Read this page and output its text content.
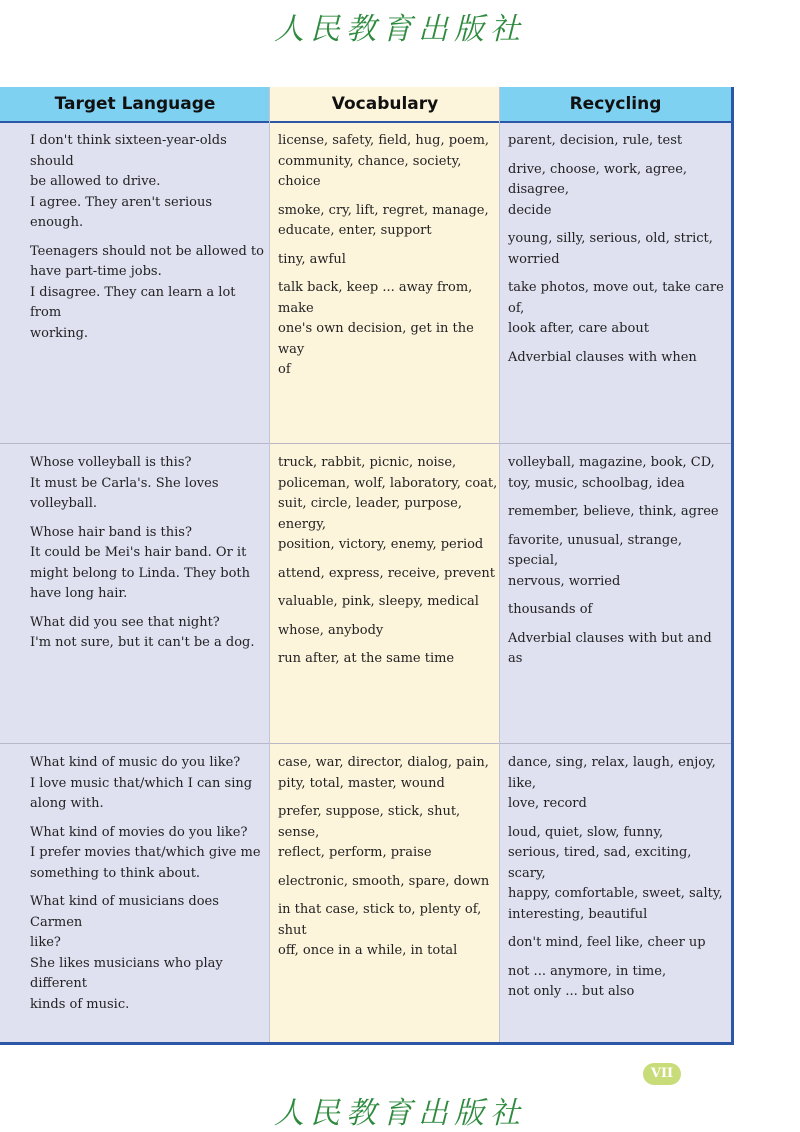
人民教育出版社
Target Language	Vocabulary	Recycling
I don't think sixteen-year-olds should
be allowed to drive.
I agree. They aren't serious enough.
Teenagers should not be allowed to
have part-time jobs.
I disagree. They can learn a lot from
working.
license, safety, field, hug, poem,
community, chance, society, choice
smoke, cry, lift, regret, manage,
educate, enter, support
tiny, awful
talk back, keep ... away from, make
one's own decision, get in the way
of
parent, decision, rule, test
drive, choose, work, agree, disagree,
decide
young, silly, serious, old, strict,
worried
take photos, move out, take care of,
look after, care about
Adverbial clauses with when
Whose volleyball is this?
It must be Carla's. She loves volleyball.
Whose hair band is this?
It could be Mei's hair band. Or it
might belong to Linda. They both
have long hair.
What did you see that night?
I'm not sure, but it can't be a dog.
truck, rabbit, picnic, noise,
policeman, wolf, laboratory, coat,
suit, circle, leader, purpose, energy,
position, victory, enemy, period
attend, express, receive, prevent
valuable, pink, sleepy, medical
whose, anybody
run after, at the same time
volleyball, magazine, book, CD,
toy, music, schoolbag, idea
remember, believe, think, agree
favorite, unusual, strange, special,
nervous, worried
thousands of
Adverbial clauses with but and as
What kind of music do you like?
I love music that/which I can sing
along with.
What kind of movies do you like?
I prefer movies that/which give me
something to think about.
What kind of musicians does Carmen
like?
She likes musicians who play different
kinds of music.
case, war, director, dialog, pain,
pity, total, master, wound
prefer, suppose, stick, shut, sense,
reflect, perform, praise
electronic, smooth, spare, down
in that case, stick to, plenty of, shut
off, once in a while, in total
dance, sing, relax, laugh, enjoy, like,
love, record
loud, quiet, slow, funny,
serious, tired, sad, exciting, scary,
happy, comfortable, sweet, salty,
interesting, beautiful
don't mind, feel like, cheer up
not ... anymore, in time,
not only ... but also
VII
人民教育出版社
